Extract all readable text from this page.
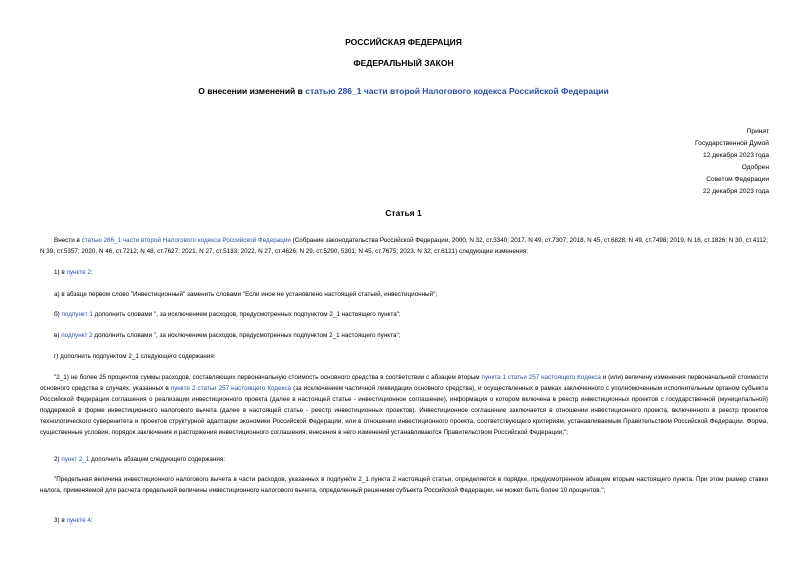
РОССИЙСКАЯ ФЕДЕРАЦИЯ
ФЕДЕРАЛЬНЫЙ ЗАКОН
О внесении изменений в статью 286_1 части второй Налогового кодекса Российской Федерации
Принят
Государственной Думой
12 декабря 2023 года
Одобрен
Советом Федерации
22 декабря 2023 года
Статья 1
Внести в статью 286_1 части второй Налогового кодекса Российской Федерации (Собрание законодательства Российской Федерации, 2000, N 32, ст.3340; 2017, N 49, ст.7307; 2018, N 45, ст.6828; N 49, ст.7498; 2019, N 16, ст.1826; N 30, ст.4112; N 39, ст.5357; 2020, N 46, ст.7212; N 48, ст.7627; 2021, N 27, ст.5133; 2022, N 27, ст.4626; N 29, ст.5290, 5301; N 45, ст.7675; 2023, N 32, ст.6121) следующие изменения:
1) в пункте 2:
а) в абзаце первом слово "Инвестиционный" заменить словами "Если иное не установлено настоящей статьей, инвестиционный";
б) подпункт 1 дополнить словами ", за исключением расходов, предусмотренных подпунктом 2_1 настоящего пункта";
в) подпункт 2 дополнить словами ", за исключением расходов, предусмотренных подпунктом 2_1 настоящего пункта";
г) дополнить подпунктом 2_1 следующего содержания:
"2_1) не более 25 процентов суммы расходов, составляющих первоначальную стоимость основного средства в соответствии с абзацем вторым пункта 1 статьи 257 настоящего Кодекса и (или) величину изменения первоначальной стоимости основного средства в случаях, указанных в пункте 2 статьи 257 настоящего Кодекса (за исключением частичной ликвидации основного средства), и осуществленных в рамках заключенного с уполномоченным исполнительным органом субъекта Российской Федерации соглашения о реализации инвестиционного проекта (далее в настоящей статье - инвестиционное соглашение), информация о котором включена в реестр инвестиционных проектов с государственной (муниципальной) поддержкой в форме инвестиционного налогового вычета (далее в настоящей статье - реестр инвестиционных проектов). Инвестиционное соглашение заключается в отношении инвестиционного проекта, включенного в реестр проектов технологического суверенитета и проектов структурной адаптации экономики Российской Федерации, или в отношении инвестиционного проекта, соответствующего критериям, устанавливаемым Правительством Российской Федерации. Форма, существенные условия, порядок заключения и расторжения инвестиционного соглашения, внесения в него изменений устанавливаются Правительством Российской Федерации;";
2) пункт 2_1 дополнить абзацем следующего содержания:
"Предельная величина инвестиционного налогового вычета в части расходов, указанных в подпункте 2_1 пункта 2 настоящей статьи, определяется в порядке, предусмотренном абзацем вторым настоящего пункта. При этом размер ставки налога, применяемой для расчета предельной величины инвестиционного налогового вычета, определенный решением субъекта Российской Федерации, не может быть более 10 процентов.";
3) в пункте 4:
